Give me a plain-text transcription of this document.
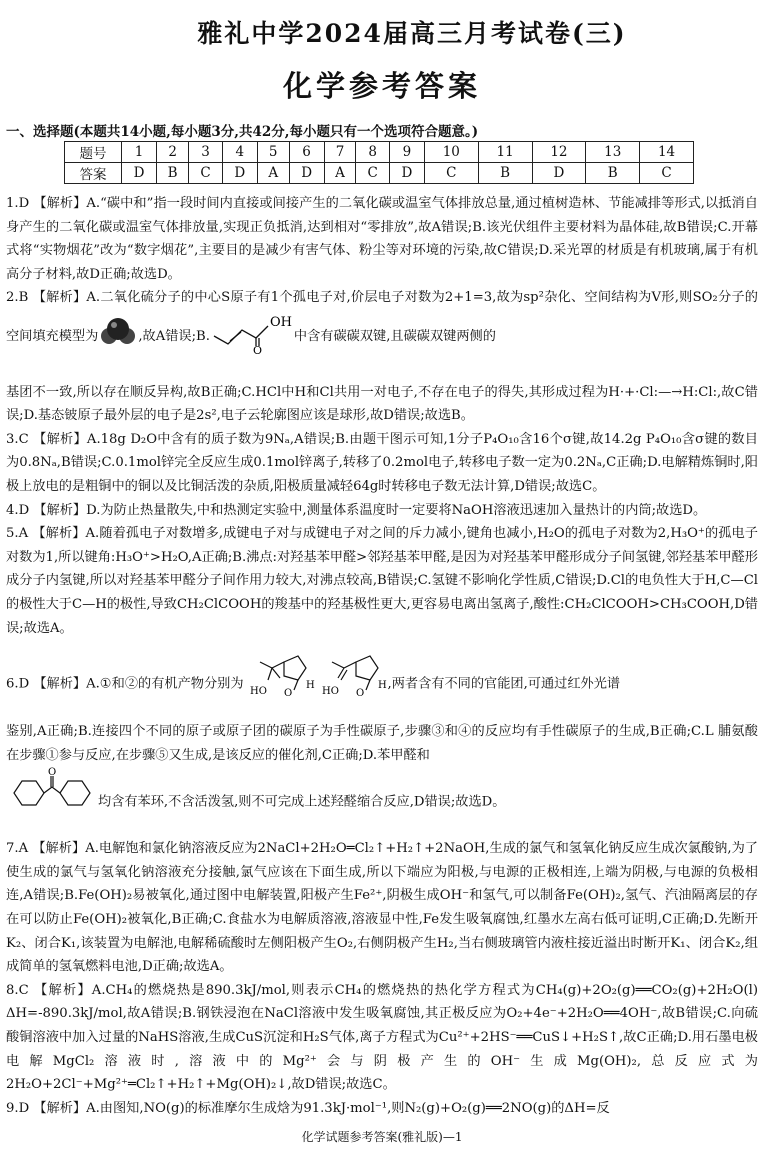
雅礼中学2024届高三月考试卷(三)
化学参考答案
一、选择题(本题共14小题,每小题3分,共42分,每小题只有一个选项符合题意。)
题号	1	2	3	4	5	6	7	8	9	10	11	12	13	14
答案	D	B	C	D	A	D	A	C	D	C	B	D	B	C

1.D 【解析】A.“碳中和”指一段时间内直接或间接产生的二氧化碳或温室气体排放总量,通过植树造林、节能减排等形式,以抵消自身产生的二氧化碳或温室气体排放量,实现正负抵消,达到相对“零排放”,故A错误;B.该光伏组件主要材料为晶体硅,故B错误;C.开幕式将“实物烟花”改为“数字烟花”,主要目的是减少有害气体、粉尘等对环境的污染,故C错误;D.采光罩的材质是有机玻璃,属于有机高分子材料,故D正确;故选D。

2.B 【解析】A.二氧化硫分子的中心S原子有1个孤电子对,价层电子对数为2+1=3,故为sp²杂化、空间结构为V形,则SO₂分子的空间填充模型为	,故A错误;B.
OH
O
中含有碳碳双键,且碳碳双键两侧的

基团不一致,所以存在顺反异构,故B正确;C.HCl中H和Cl共用一对电子,不存在电子的得失,其形成过程为H·+·Cl:—→H:Cl:,故C错误;D.基态铍原子最外层的电子是2s²,电子云轮廓图应该是球形,故D错误;故选B。

3.C 【解析】A.18g D₂O中含有的质子数为9Nₐ,A错误;B.由题干图示可知,1分子P₄O₁₀含16个σ键,故14.2g P₄O₁₀含σ键的数目为0.8Nₐ,B错误;C.0.1mol锌完全反应生成0.1mol锌离子,转移了0.2mol电子,转移电子数一定为0.2Nₐ,C正确;D.电解精炼铜时,阳极上放电的是粗铜中的铜以及比铜活泼的杂质,阳极质量减轻64g时转移电子数无法计算,D错误;故选C。

4.D 【解析】D.为防止热量散失,中和热测定实验中,测量体系温度时一定要将NaOH溶液迅速加入量热计的内筒;故选D。

5.A 【解析】A.随着孤电子对数增多,成键电子对与成键电子对之间的斥力减小,键角也减小,H₂O的孤电子对数为2,H₃O⁺的孤电子对数为1,所以键角:H₃O⁺>H₂O,A正确;B.沸点:对羟基苯甲醛>邻羟基苯甲醛,是因为对羟基苯甲醛形成分子间氢键,邻羟基苯甲醛形成分子内氢键,所以对羟基苯甲醛分子间作用力较大,对沸点较高,B错误;C.氢键不影响化学性质,C错误;D.Cl的电负性大于H,C—Cl的极性大于C—H的极性,导致CH₂ClCOOH的羧基中的羟基极性更大,更容易电离出氢离子,酸性:CH₂ClCOOH>CH₃COOH,D错误;故选A。

6.D 【解析】A.①和②的有机产物分别为 HO O
H
HO O
H ,两者含有不同的官能团,可通过红外光谱

鉴别,A正确;B.连接四个不同的原子或原子团的碳原子为手性碳原子,步骤③和④的反应均有手性碳原子的生成,B正确;C.L 脯氨酸在步骤①参与反应,在步骤⑤又生成,是该反应的催化剂,C正确;D.苯甲醛和

O
均含有苯环,不含活泼氢,则不可完成上述羟醛缩合反应,D错误;故选D。

7.A 【解析】A.电解饱和氯化钠溶液反应为2NaCl+2H₂O═Cl₂↑+H₂↑+2NaOH,生成的氯气和氢氧化钠反应生成次氯酸钠,为了使生成的氯气与氢氧化钠溶液充分接触,氯气应该在下面生成,所以下端应为阳极,与电源的正极相连,上端为阴极,与电源的负极相连,A错误;B.Fe(OH)₂易被氧化,通过图中电解装置,阳极产生Fe²⁺,阴极生成OH⁻和氢气,可以制备Fe(OH)₂,氢气、汽油隔离层的存在可以防止Fe(OH)₂被氧化,B正确;C.食盐水为电解质溶液,溶液显中性,Fe发生吸氧腐蚀,红墨水左高右低可证明,C正确;D.先断开K₂、闭合K₁,该装置为电解池,电解稀硫酸时左侧阳极产生O₂,右侧阴极产生H₂,当右侧玻璃管内液柱接近溢出时断开K₁、闭合K₂,组成简单的氢氧燃料电池,D正确;故选A。

8.C 【解析】A.CH₄的燃烧热是890.3kJ/mol,则表示CH₄的燃烧热的热化学方程式为CH₄(g)+2O₂(g)══CO₂(g)+2H₂O(l) ΔH=-890.3kJ/mol,故A错误;B.钢铁浸泡在NaCl溶液中发生吸氧腐蚀,其正极反应为O₂+4e⁻+2H₂O══4OH⁻,故B错误;C.向硫酸铜溶液中加入过量的NaHS溶液,生成CuS沉淀和H₂S气体,离子方程式为Cu²⁺+2HS⁻══CuS↓+H₂S↑,故C正确;D.用石墨电极电解MgCl₂溶液时,溶液中的Mg²⁺会与阴极产生的OH⁻生成Mg(OH)₂,总反应式为2H₂O+2Cl⁻+Mg²⁺═Cl₂↑+H₂↑+Mg(OH)₂↓,故D错误;故选C。

9.D 【解析】A.由图知,NO(g)的标准摩尔生成焓为91.3kJ·mol⁻¹,则N₂(g)+O₂(g)══2NO(g)的ΔH=反

化学试题参考答案(雅礼版)—1
